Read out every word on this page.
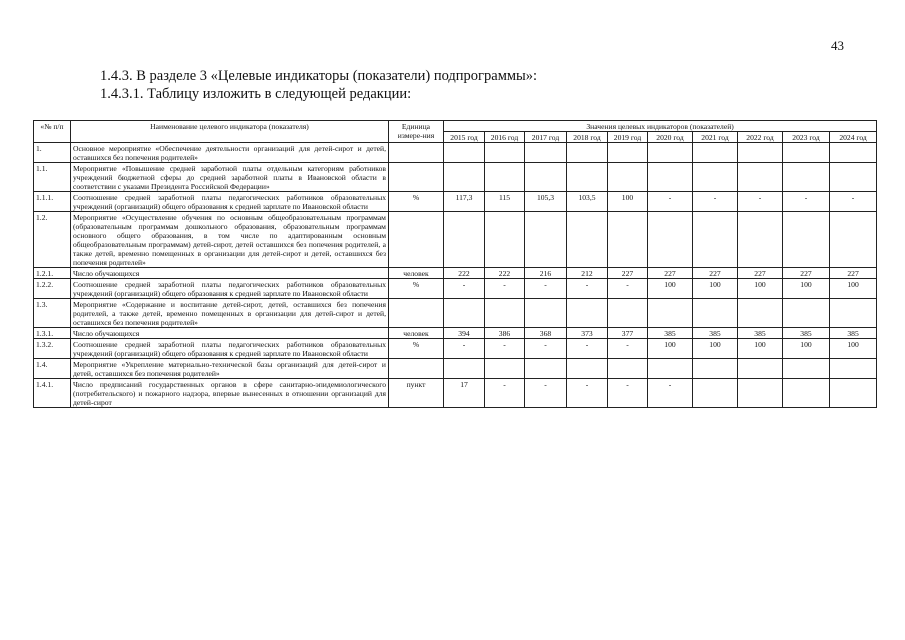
43
1.4.3. В разделе 3 «Целевые индикаторы (показатели) подпрограммы»:
1.4.3.1. Таблицу изложить в следующей редакции:
«№ п/п	Наименование целевого индикатора (показателя)	Единица измере-ния	Значения целевых индикаторов (показателей)									
			2015 год	2016 год	2017 год	2018 год	2019 год	2020 год	2021 год	2022 год	2023 год	2024 год
1.	Основное мероприятие «Обеспечение деятельности организаций для детей-сирот и детей, оставшихся без попечения родителей»											
1.1.	Мероприятие «Повышение средней заработной платы отдельным категориям работников учреждений бюджетной сферы до средней заработной платы в Ивановской области в соответствии с указами Президента Российской Федерации»											
1.1.1.	Соотношение средней заработной платы педагогических работников образовательных учреждений (организаций) общего образования к средней зарплате по Ивановской области	%	117,3	115	105,3	103,5	100	-	-	-	-	-
1.2.	Мероприятие «Осуществление обучения по основным общеобразовательным программам (образовательным программам дошкольного образования, образовательным программам основного общего образования, в том числе по адаптированным основным общеобразовательным программам) детей-сирот, детей оставшихся без попечения родителей, а также детей, временно помещенных в организации для детей-сирот и детей, оставшихся без попечения родителей»											
1.2.1.	Число обучающихся	человек	222	222	216	212	227	227	227	227	227	227
1.2.2.	Соотношение средней заработной платы педагогических работников образовательных учреждений (организаций) общего образования к средней зарплате по Ивановской области	%	-	-	-	-	-	100	100	100	100	100
1.3.	Мероприятие «Содержание и воспитание детей-сирот, детей, оставшихся без попечения родителей, а также детей, временно помещенных в организации для детей-сирот и детей, оставшихся без попечения родителей»											
1.3.1.	Число обучающихся	человек	394	386	368	373	377	385	385	385	385	385
1.3.2.	Соотношение средней заработной платы педагогических работников образовательных учреждений (организаций) общего образования к средней зарплате по Ивановской области	%	-	-	-	-	-	100	100	100	100	100
1.4.	Мероприятие «Укрепление материально-технической базы организаций для детей-сирот и детей, оставшихся без попечения родителей»											
1.4.1.	Число предписаний государственных органов в сфере санитарно-эпидемиологического (потребительского) и пожарного надзора, впервые вынесенных в отношении организаций для детей-сирот	пункт	17	-	-	-	-	-				
